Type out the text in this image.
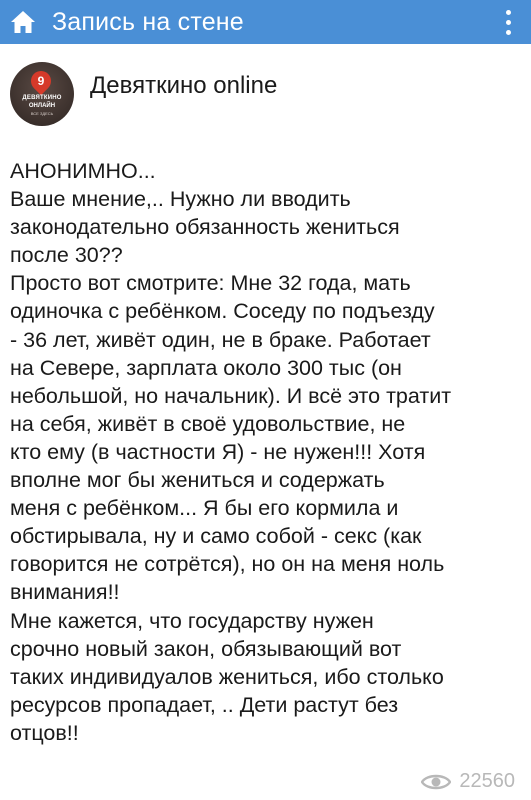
Запись на стене
9
ДЕВЯТКИНО
ОНЛАЙН
ВСЕ ЗДЕСЬ
Девяткино online
АНОНИМНО...
Ваше мнение,.. Нужно ли вводить
законодательно обязанность жениться
после 30??
Просто вот смотрите: Мне 32 года, мать
одиночка с ребёнком. Соседу по подъезду
- 36 лет, живёт один, не в браке. Работает
на Севере, зарплата около 300 тыс (он
небольшой, но начальник). И всё это тратит
на себя, живёт в своё удовольствие, не
кто ему (в частности Я) - не нужен!!! Хотя
вполне мог бы жениться и содержать
меня с ребёнком... Я бы его кормила и
обстирывала, ну и само собой - секс (как
говорится не сотрётся), но он на меня ноль
внимания!!
Мне кажется, что государству нужен
срочно новый закон, обязывающий вот
таких индивидуалов жениться, ибо столько
ресурсов пропадает, .. Дети растут без
отцов!!
22560
